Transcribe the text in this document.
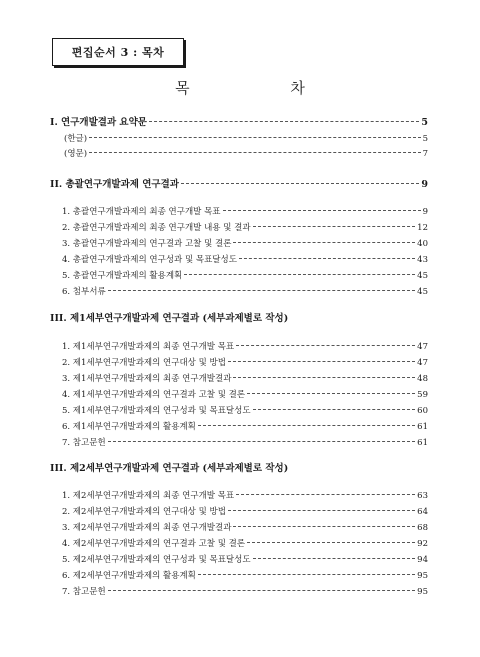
편집순서 3 : 목차
목 차
I. 연구개발결과 요약문	5
(한글)	5
(영문)	7
II. 총괄연구개발과제 연구결과	9
1. 총괄연구개발과제의 최종 연구개발 목표	9
2. 총괄연구개발과제의 최종 연구개발 내용 및 결과	12
3. 총괄연구개발과제의 연구결과 고찰 및 결론	40
4. 총괄연구개발과제의 연구성과 및 목표달성도	43
5. 총괄연구개발과제의 활용계획	45
6. 첨부서류	45
III. 제1세부연구개발과제 연구결과 (세부과제별로 작성)
1. 제1세부연구개발과제의 최종 연구개발 목표	47
2. 제1세부연구개발과제의 연구대상 및 방법	47
3. 제1세부연구개발과제의 최종 연구개발결과	48
4. 제1세부연구개발과제의 연구결과 고찰 및 결론	59
5. 제1세부연구개발과제의 연구성과 및 목표달성도	60
6. 제1세부연구개발과제의 활용계획	61
7. 참고문헌	61
III. 제2세부연구개발과제 연구결과 (세부과제별로 작성)
1. 제2세부연구개발과제의 최종 연구개발 목표	63
2. 제2세부연구개발과제의 연구대상 및 방법	64
3. 제2세부연구개발과제의 최종 연구개발결과	68
4. 제2세부연구개발과제의 연구결과 고찰 및 결론	92
5. 제2세부연구개발과제의 연구성과 및 목표달성도	94
6. 제2세부연구개발과제의 활용계획	95
7. 참고문헌	95
